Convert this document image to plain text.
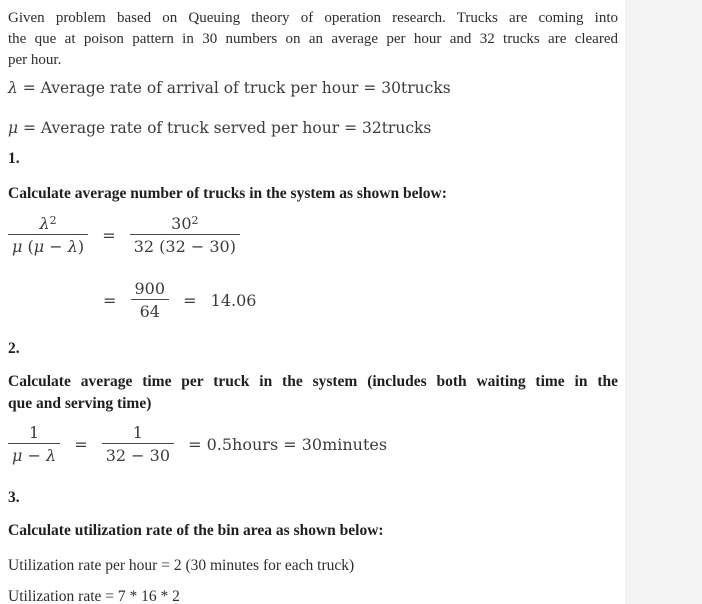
Given problem based on Queuing theory of operation research. Trucks are coming into
the que at poison pattern in 30 numbers on an average per hour and 32 trucks are cleared
per hour.

λ = Average rate of arrival of truck per hour = 30trucks
μ = Average rate of truck served per hour = 32trucks
1.
Calculate average number of trucks in the system as shown below:
$\frac{\lambda^2}{\mu (\mu - \lambda)} = \frac{30^2}{32 (32 - 30)}$
= $\frac{900}{64} = 14.06$
2.
Calculate average time per truck in the system (includes both waiting time in the
que and serving time)
$\frac{1}{\mu - \lambda} = \frac{1}{32 - 30}$ = 0.5hours = 30minutes
3.
Calculate utilization rate of the bin area as shown below:
Utilization rate per hour = 2 (30 minutes for each truck)
Utilization rate = 7 * 16 * 2
